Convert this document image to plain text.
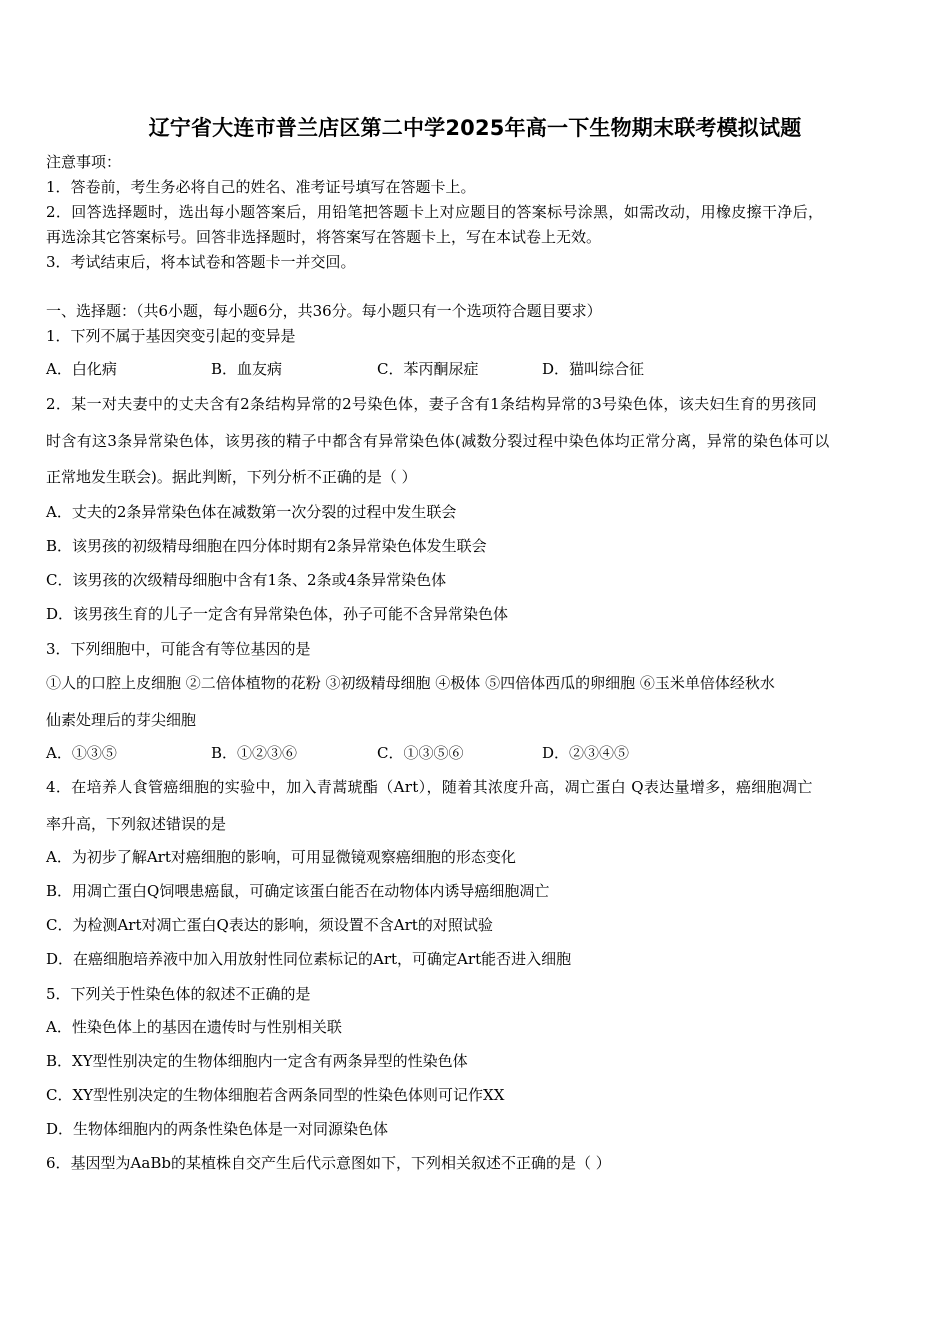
辽宁省大连市普兰店区第二中学2025年高一下生物期末联考模拟试题
注意事项：
1．答卷前，考生务必将自己的姓名、准考证号填写在答题卡上。
2．回答选择题时，选出每小题答案后，用铅笔把答题卡上对应题目的答案标号涂黑，如需改动，用橡皮擦干净后，
再选涂其它答案标号。回答非选择题时，将答案写在答题卡上，写在本试卷上无效。
3．考试结束后，将本试卷和答题卡一并交回。
一、选择题：（共6小题，每小题6分，共36分。每小题只有一个选项符合题目要求）
1．下列不属于基因突变引起的变异是
A．白化病	B．血友病	C．苯丙酮尿症	D．猫叫综合征
2．某一对夫妻中的丈夫含有2条结构异常的2号染色体，妻子含有1条结构异常的3号染色体，该夫妇生育的男孩同
时含有这3条异常染色体，该男孩的精子中都含有异常染色体(减数分裂过程中染色体均正常分离，异常的染色体可以
正常地发生联会)。据此判断，下列分析不正确的是（ ）
A．丈夫的2条异常染色体在减数第一次分裂的过程中发生联会
B．该男孩的初级精母细胞在四分体时期有2条异常染色体发生联会
C．该男孩的次级精母细胞中含有1条、2条或4条异常染色体
D．该男孩生育的儿子一定含有异常染色体，孙子可能不含异常染色体
3．下列细胞中，可能含有等位基因的是
①人的口腔上皮细胞 ②二倍体植物的花粉 ③初级精母细胞 ④极体 ⑤四倍体西瓜的卵细胞 ⑥玉米单倍体经秋水
仙素处理后的芽尖细胞
A．①③⑤	B．①②③⑥	C．①③⑤⑥	D．②③④⑤
4．在培养人食管癌细胞的实验中，加入青蒿琥酯（Art），随着其浓度升高，凋亡蛋白 Q表达量增多，癌细胞凋亡
率升高，下列叙述错误的是
A．为初步了解Art对癌细胞的影响，可用显微镜观察癌细胞的形态变化
B．用凋亡蛋白Q饲喂患癌鼠，可确定该蛋白能否在动物体内诱导癌细胞凋亡
C．为检测Art对凋亡蛋白Q表达的影响，须设置不含Art的对照试验
D．在癌细胞培养液中加入用放射性同位素标记的Art，可确定Art能否进入细胞
5．下列关于性染色体的叙述不正确的是
A．性染色体上的基因在遗传时与性别相关联
B．XY型性别决定的生物体细胞内一定含有两条异型的性染色体
C．XY型性别决定的生物体细胞若含两条同型的性染色体则可记作XX
D．生物体细胞内的两条性染色体是一对同源染色体
6．基因型为AaBb的某植株自交产生后代示意图如下，下列相关叙述不正确的是（ ）
